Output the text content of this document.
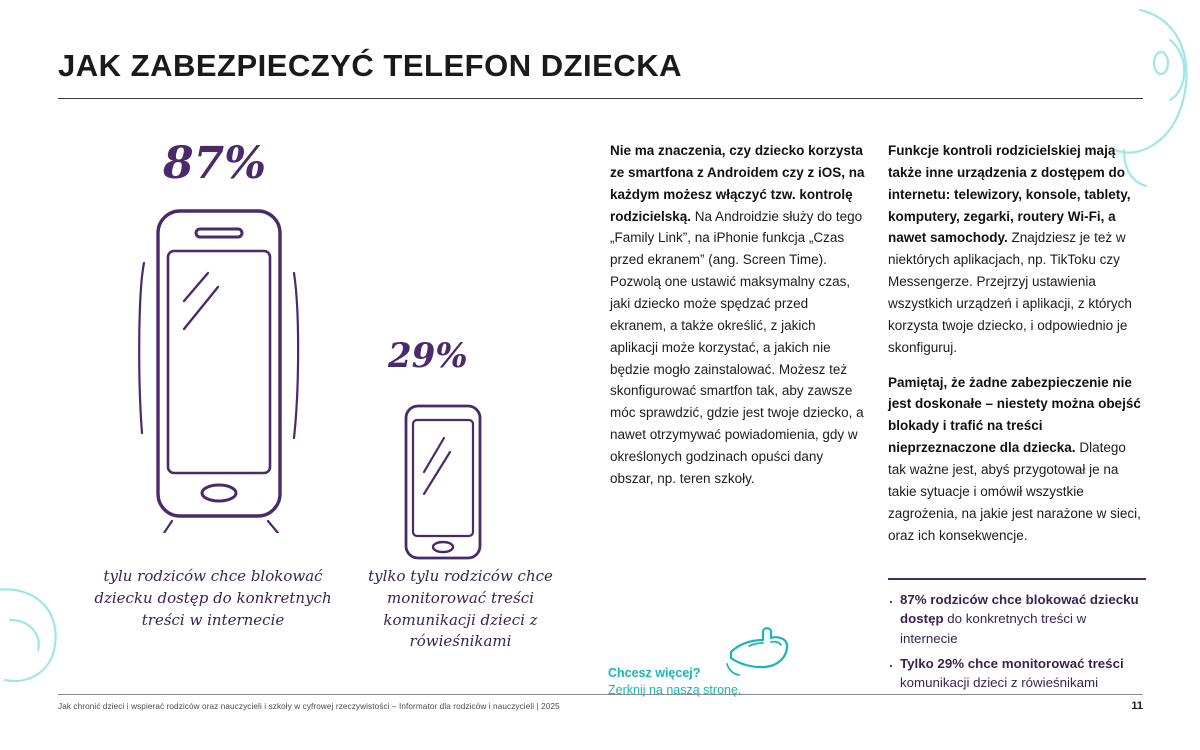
JAK ZABEZPIECZYĆ TELEFON DZIECKA
87%
29%
tylu rodziców chce blokować dziecku dostęp do konkretnych treści w internecie
tylko tylu rodziców chce monitorować treści komunikacji dzieci z rówieśnikami

Nie ma znaczenia, czy dziecko korzysta ze smartfona z Androidem czy z iOS, na każdym możesz włączyć tzw. kontrolę rodzicielską. Na Androidzie służy do tego „Family Link”, na iPhonie funkcja „Czas przed ekranem” (ang. Screen Time). Pozwolą one ustawić maksymalny czas, jaki dziecko może spędzać przed ekranem, a także określić, z jakich aplikacji może korzystać, a jakich nie będzie mogło zainstalować. Możesz też skonfigurować smartfon tak, aby zawsze móc sprawdzić, gdzie jest twoje dziecko, a nawet otrzymywać powiadomienia, gdy w określonych godzinach opuści dany obszar, np. teren szkoły.

Funkcje kontroli rodzicielskiej mają także inne urządzenia z dostępem do internetu: telewizory, konsole, tablety, komputery, zegarki, routery Wi-Fi, a nawet samochody. Znajdziesz je też w niektórych aplikacjach, np. TikToku czy Messengerze. Przejrzyj ustawienia wszystkich urządzeń i aplikacji, z których korzysta twoje dziecko, i odpowiednio je skonfiguruj.

Pamiętaj, że żadne zabezpieczenie nie jest doskonałe – niestety można obejść blokady i trafić na treści nieprzeznaczone dla dziecka. Dlatego tak ważne jest, abyś przygotował je na takie sytuacje i omówił wszystkie zagrożenia, na jakie jest narażone w sieci, oraz ich konsekwencje.

· 87% rodziców chce blokować dziecku dostęp do konkretnych treści w internecie
· Tylko 29% chce monitorować treści komunikacji dzieci z rówieśnikami
Chcesz więcej?
Zerknij na naszą stronę.
Jak chronić dzieci i wspierać rodziców oraz nauczycieli i szkoły w cyfrowej rzeczywistości – Informator dla rodziców i nauczycieli | 2025	11
